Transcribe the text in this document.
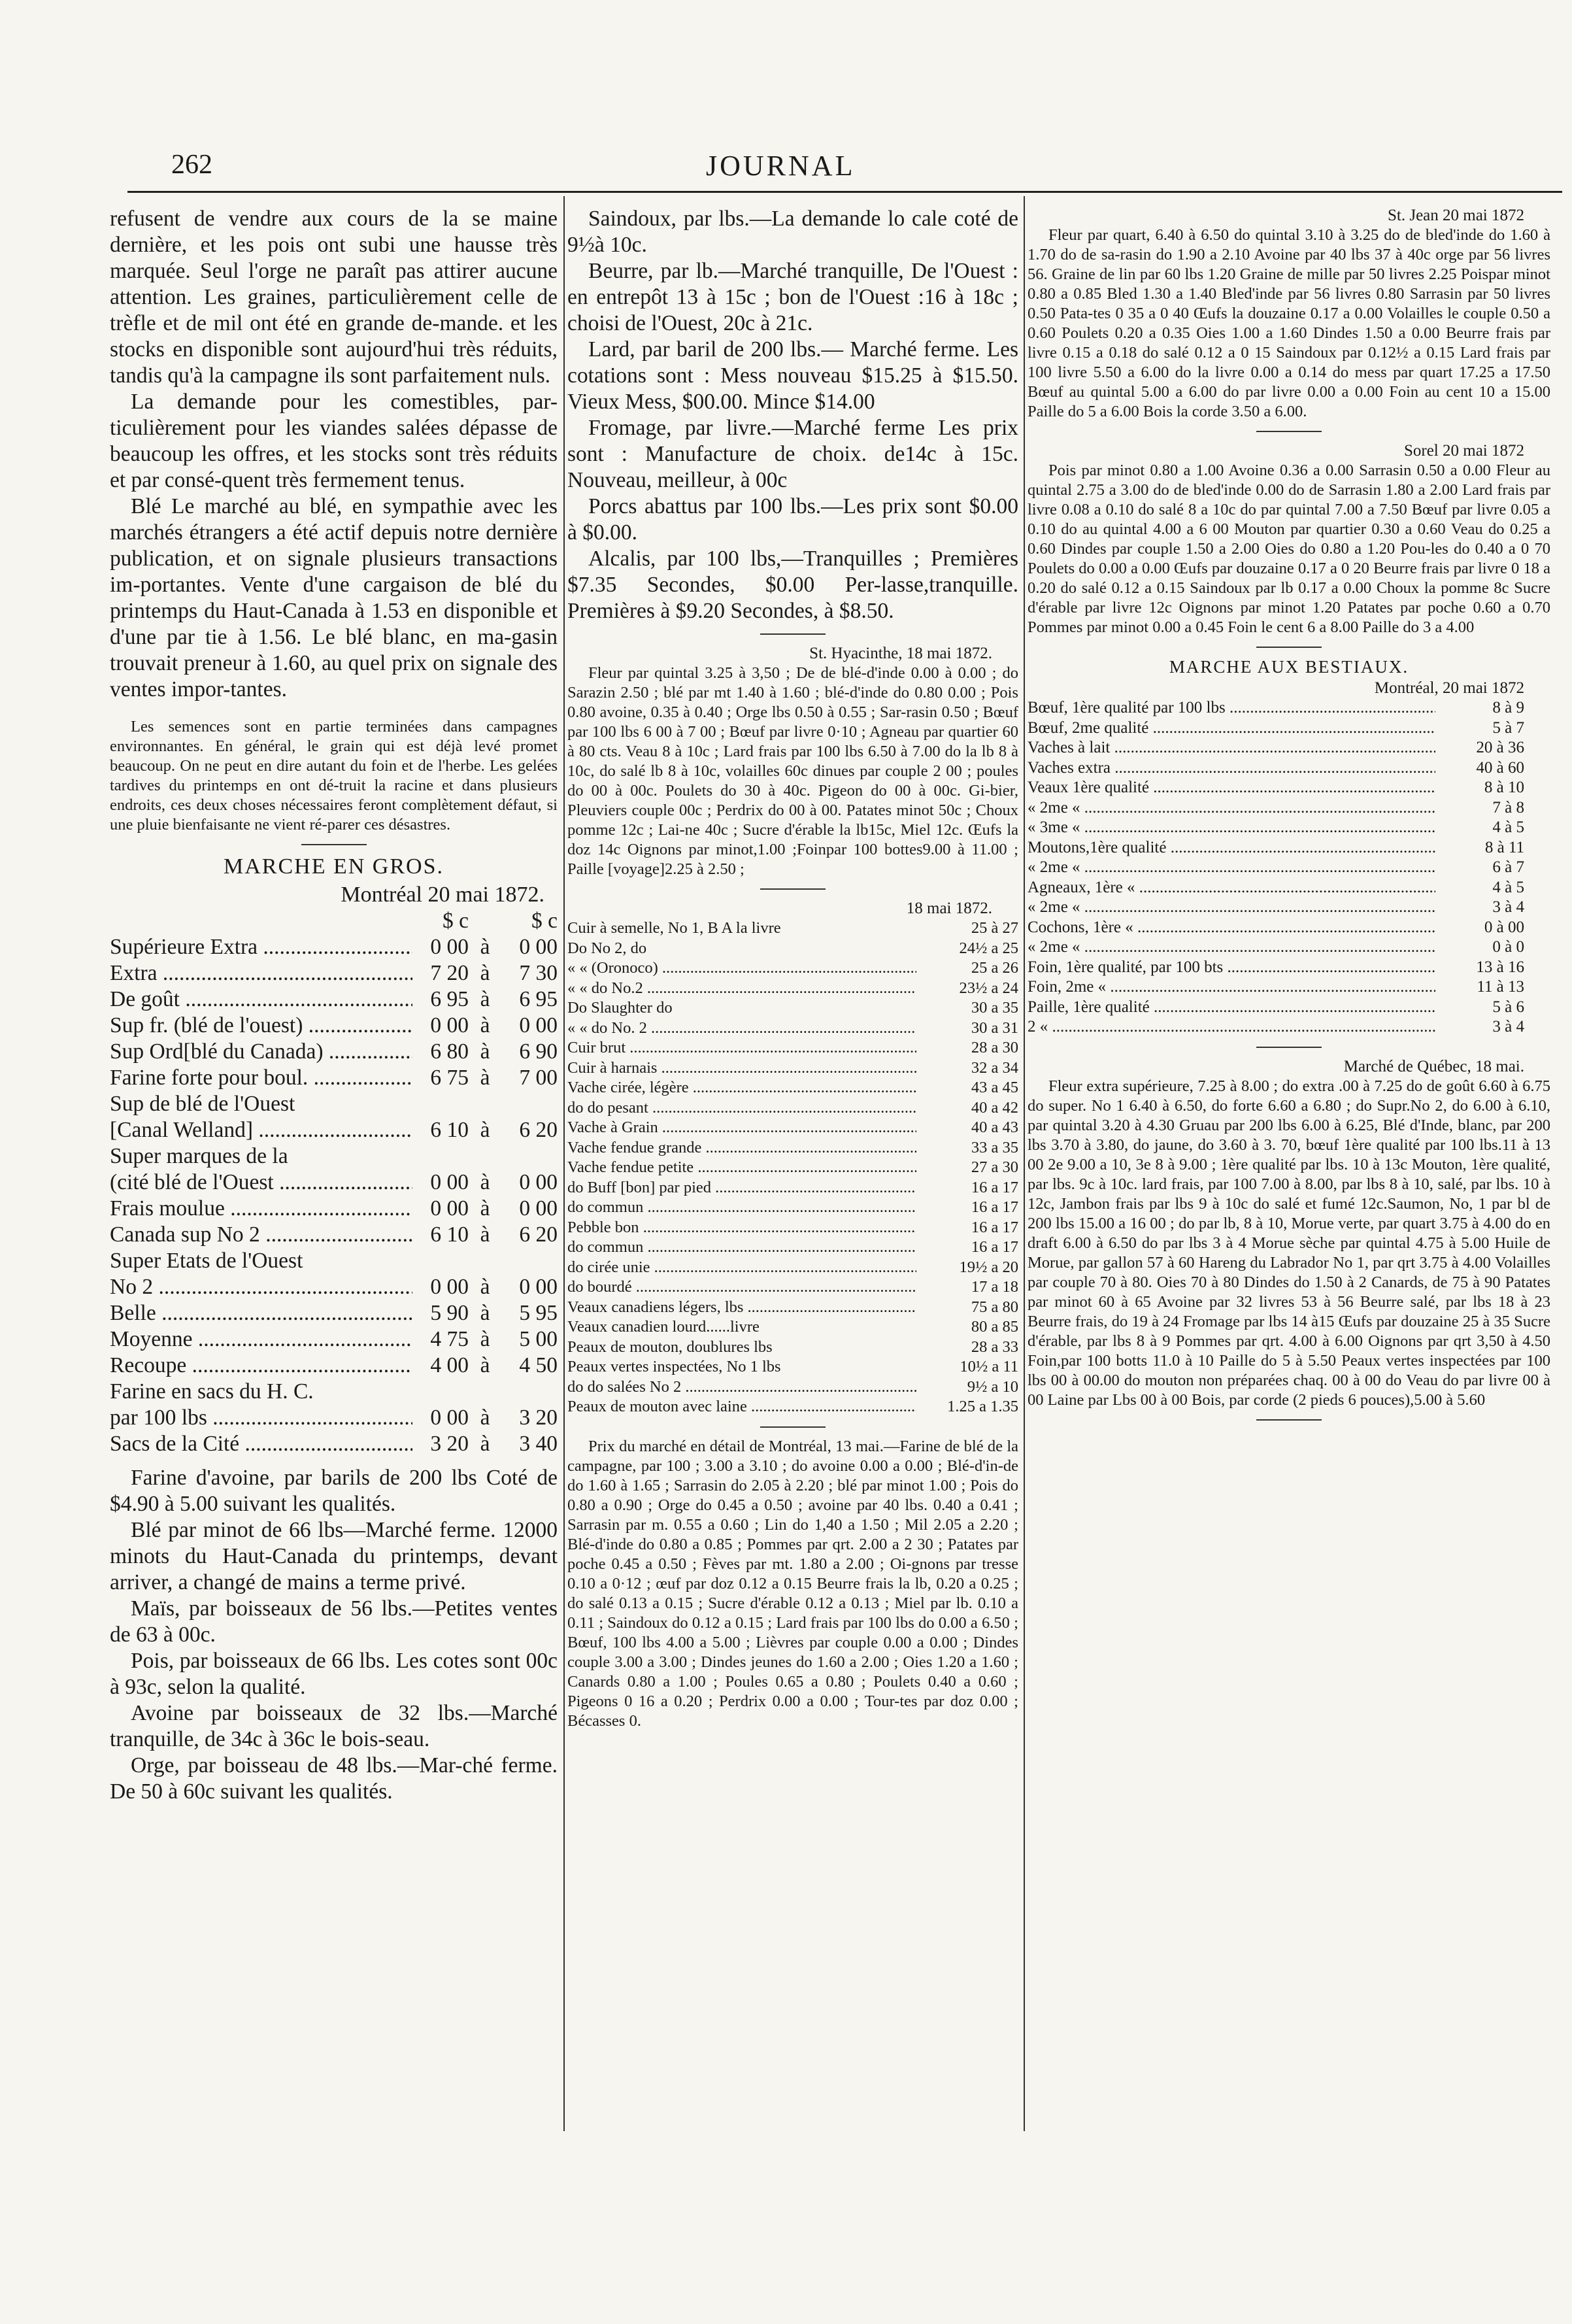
262	JOURNAL

refusent de vendre aux cours de la se maine dernière, et les pois ont subi une hausse très marquée. Seul l'orge ne paraît pas attirer aucune attention. Les graines, particulièrement celle de trèfle et de mil ont été en grande de-mande. et les stocks en disponible sont aujourd'hui très réduits, tandis qu'à la campagne ils sont parfaitement nuls.

La demande pour les comestibles, par-ticulièrement pour les viandes salées dépasse de beaucoup les offres, et les stocks sont très réduits et par consé-quent très fermement tenus.

Blé Le marché au blé, en sympathie avec les marchés étrangers a été actif depuis notre dernière publication, et on signale plusieurs transactions im-portantes. Vente d'une cargaison de blé du printemps du Haut-Canada à 1.53 en disponible et d'une par tie à 1.56. Le blé blanc, en ma-gasin trouvait preneur à 1.60, au quel prix on signale des ventes impor-tantes.

Les semences sont en partie terminées dans campagnes environnantes. En général, le grain qui est déjà levé promet beaucoup. On ne peut en dire autant du foin et de l'herbe. Les gelées tardives du printemps en ont dé-truit la racine et dans plusieurs endroits, ces deux choses nécessaires feront complètement défaut, si une pluie bienfaisante ne vient ré-parer ces désastres.

MARCHE EN GROS.
Montréal 20 mai 1872.
$ c	$ c
Supérieure Extra .....	0 00 à	0 00
Extra .....	7 20 à	7 30
De goût .....	6 95 à	6 95
Sup fr. (blé de l'ouest) .....	0 00 à	0 00
Sup Ord[blé du Canada) .....	6 80 à	6 90
Farine forte pour boul. .....	6 75 à	7 00
Sup de blé de l'Ouest
[Canal Welland] .....	6 10 à	6 20
Super marques de la
(cité blé de l'Ouest .....	0 00 à	0 00
Frais moulue .....	0 00 à	0 00
Canada sup No 2 .....	6 10 à	6 20
Super Etats de l'Ouest
No 2 .....	0 00 à	0 00
Belle .....	5 90 à	5 95
Moyenne .....	4 75 à	5 00
Recoupe .....	4 00 à	4 50
Farine en sacs du H. C.
par 100 lbs .....	0 00 à	3 20
Sacs de la Cité .....	3 20 à	3 40

Farine d'avoine, par barils de 200 lbs Coté de $4.90 à 5.00 suivant les qualités.

Blé par minot de 66 lbs—Marché ferme. 12000 minots du Haut-Canada du printemps, devant arriver, a changé de mains a terme privé.

Maïs, par boisseaux de 56 lbs.—Petites ventes de 63 à 00c.

Pois, par boisseaux de 66 lbs. Les cotes sont 00c à 93c, selon la qualité.

Avoine par boisseaux de 32 lbs.—Marché tranquille, de 34c à 36c le bois-seau.

Orge, par boisseau de 48 lbs.—Mar-ché ferme. De 50 à 60c suivant les qualités.

Saindoux, par lbs.—La demande lo cale coté de 9½à 10c.

Beurre, par lb.—Marché tranquille, De l'Ouest : en entrepôt 13 à 15c ; bon de l'Ouest :16 à 18c ; choisi de l'Ouest, 20c à 21c.

Lard, par baril de 200 lbs.— Marché ferme. Les cotations sont : Mess nouveau $15.25 à $15.50. Vieux Mess, $00.00. Mince $14.00

Fromage, par livre.—Marché ferme Les prix sont : Manufacture de choix. de14c à 15c. Nouveau, meilleur, à 00c

Porcs abattus par 100 lbs.—Les prix sont $0.00 à $0.00.

Alcalis, par 100 lbs,—Tranquilles ; Premières $7.35 Secondes, $0.00 Per-lasse,tranquille. Premières à $9.20 Secondes, à $8.50.

St. Hyacinthe, 18 mai 1872.

Fleur par quintal 3.25 à 3,50 ; De de blé-d'inde 0.00 à 0.00 ; do Sarazin 2.50 ; blé par mt 1.40 à 1.60 ; blé-d'inde do 0.80 0.00 ; Pois 0.80 avoine, 0.35 à 0.40 ; Orge lbs 0.50 à 0.55 ; Sar-rasin 0.50 ; Bœuf par 100 lbs 6 00 à 7 00 ; Bœuf par livre 0·10 ; Agneau par quartier 60 à 80 cts. Veau 8 à 10c ; Lard frais par 100 lbs 6.50 à 7.00 do la lb 8 à 10c, do salé lb 8 à 10c, volailles 60c dinues par couple 2 00 ; poules do 00 à 00c. Poulets do 30 à 40c. Pigeon do 00 à 00c. Gi-bier, Pleuviers couple 00c ; Perdrix do 00 à 00. Patates minot 50c ; Choux pomme 12c ; Lai-ne 40c ; Sucre d'érable la lb15c, Miel 12c. Œufs la doz 14c Oignons par minot,1.00 ;Foinpar 100 bottes9.00 à 11.00 ; Paille [voyage]2.25 à 2.50 ;

18 mai 1872.
Cuir à semelle, No 1, B A la livre	25 à 27
Do No 2, do	24½ a 25
« « (Oronoco) .....	25 a 26
« « do No.2 .....	23½ a 24
Do Slaughter do	30 a 35
« « do No. 2 .....	30 a 31
Cuir brut .....	28 a 30
Cuir à harnais .....	32 a 34
Vache cirée, légère .....	43 a 45
do do pesant .....	40 a 42
Vache à Grain .....	40 a 43
Vache fendue grande .....	33 a 35
Vache fendue petite .....	27 a 30
do Buff [bon] par pied .....	16 a 17
do commun .....	16 a 17
Pebble bon .....	16 a 17
do commun .....	16 a 17
do cirée unie .....	19½ a 20
do bourdé .....	17 a 18
Veaux canadiens légers, lbs .....	75 a 80
Veaux canadien lourd......livre	80 a 85
Peaux de mouton, doublures lbs	28 a 33
Peaux vertes inspectées, No 1 lbs	10½ a 11
do do salées No 2 .....	9½ a 10
Peaux de mouton avec laine .....	1.25 a 1.35

Prix du marché en détail de Montréal, 13 mai.—Farine de blé de la campagne, par 100 ; 3.00 a 3.10 ; do avoine 0.00 a 0.00 ; Blé-d'in-de do 1.60 à 1.65 ; Sarrasin do 2.05 à 2.20 ; blé par minot 1.00 ; Pois do 0.80 a 0.90 ; Orge do 0.45 a 0.50 ; avoine par 40 lbs. 0.40 a 0.41 ; Sarrasin par m. 0.55 a 0.60 ; Lin do 1,40 a 1.50 ; Mil 2.05 a 2.20 ; Blé-d'inde do 0.80 a 0.85 ; Pommes par qrt. 2.00 a 2 30 ; Patates par poche 0.45 a 0.50 ; Fèves par mt. 1.80 a 2.00 ; Oi-gnons par tresse 0.10 a 0·12 ; œuf par doz 0.12 a 0.15 Beurre frais la lb, 0.20 a 0.25 ; do salé 0.13 a 0.15 ; Sucre d'érable 0.12 a 0.13 ; Miel par lb. 0.10 a 0.11 ; Saindoux do 0.12 a 0.15 ; Lard frais par 100 lbs do 0.00 a 6.50 ; Bœuf, 100 lbs 4.00 a 5.00 ; Lièvres par couple 0.00 a 0.00 ; Dindes couple 3.00 a 3.00 ; Dindes jeunes do 1.60 a 2.00 ; Oies 1.20 a 1.60 ; Canards 0.80 a 1.00 ; Poules 0.65 a 0.80 ; Poulets 0.40 a 0.60 ; Pigeons 0 16 a 0.20 ; Perdrix 0.00 a 0.00 ; Tour-tes par doz 0.00 ; Bécasses 0.

St. Jean 20 mai 1872

Fleur par quart, 6.40 à 6.50 do quintal 3.10 à 3.25 do de bled'inde do 1.60 à 1.70 do de sa-rasin do 1.90 a 2.10 Avoine par 40 lbs 37 à 40c orge par 56 livres 56. Graine de lin par 60 lbs 1.20 Graine de mille par 50 livres 2.25 Poispar minot 0.80 a 0.85 Bled 1.30 a 1.40 Bled'inde par 56 livres 0.80 Sarrasin par 50 livres 0.50 Pata-tes 0 35 a 0 40 Œufs la douzaine 0.17 a 0.00 Volailles le couple 0.50 a 0.60 Poulets 0.20 a 0.35 Oies 1.00 a 1.60 Dindes 1.50 a 0.00 Beurre frais par livre 0.15 a 0.18 do salé 0.12 a 0 15 Saindoux par 0.12½ a 0.15 Lard frais par 100 livre 5.50 a 6.00 do la livre 0.00 a 0.14 do mess par quart 17.25 a 17.50 Bœuf au quintal 5.00 a 6.00 do par livre 0.00 a 0.00 Foin au cent 10 a 15.00 Paille do 5 a 6.00 Bois la corde 3.50 a 6.00.

Sorel 20 mai 1872

Pois par minot 0.80 a 1.00 Avoine 0.36 a 0.00 Sarrasin 0.50 a 0.00 Fleur au quintal 2.75 a 3.00 do de bled'inde 0.00 do de Sarrasin 1.80 a 2.00 Lard frais par livre 0.08 a 0.10 do salé 8 a 10c do par quintal 7.00 a 7.50 Bœuf par livre 0.05 a 0.10 do au quintal 4.00 a 6 00 Mouton par quartier 0.30 a 0.60 Veau do 0.25 a 0.60 Dindes par couple 1.50 a 2.00 Oies do 0.80 a 1.20 Pou-les do 0.40 a 0 70 Poulets do 0.00 a 0.00 Œufs par douzaine 0.17 a 0 20 Beurre frais par livre 0 18 a 0.20 do salé 0.12 a 0.15 Saindoux par lb 0.17 a 0.00 Choux la pomme 8c Sucre d'érable par livre 12c Oignons par minot 1.20 Patates par poche 0.60 a 0.70 Pommes par minot 0.00 a 0.45 Foin le cent 6 a 8.00 Paille do 3 a 4.00

MARCHE AUX BESTIAUX.
Montréal, 20 mai 1872
Bœuf, 1ère qualité par 100 lbs .....	8 à 9
Bœuf, 2me qualité .....	5 à 7
Vaches à lait .....	20 à 36
Vaches extra .....	40 à 60
Veaux 1ère qualité .....	8 à 10
« 2me « .....	7 à 8
« 3me « .....	4 à 5
Moutons,1ère qualité .....	8 à 11
« 2me « .....	6 à 7
Agneaux, 1ère « .....	4 à 5
« 2me « .....	3 à 4
Cochons, 1ère « .....	0 à 00
« 2me « .....	0 à 0
Foin, 1ère qualité, par 100 bts .....	13 à 16
Foin, 2me « .....	11 à 13
Paille, 1ère qualité .....	5 à 6
2 « .....	3 à 4
Marché de Québec, 18 mai.

Fleur extra supérieure, 7.25 à 8.00 ; do extra .00 à 7.25 do de goût 6.60 à 6.75 do super. No 1 6.40 à 6.50, do forte 6.60 a 6.80 ; do Supr.No 2, do 6.00 à 6.10, par quintal 3.20 à 4.30 Gruau par 200 lbs 6.00 à 6.25, Blé d'Inde, blanc, par 200 lbs 3.70 à 3.80, do jaune, do 3.60 à 3. 70, bœuf 1ère qualité par 100 lbs.11 à 13 00 2e 9.00 a 10, 3e 8 à 9.00 ; 1ère qualité par lbs. 10 à 13c Mouton, 1ère qualité, par lbs. 9c à 10c. lard frais, par 100 7.00 à 8.00, par lbs 8 à 10, salé, par lbs. 10 à 12c, Jambon frais par lbs 9 à 10c do salé et fumé 12c.Saumon, No, 1 par bl de 200 lbs 15.00 a 16 00 ; do par lb, 8 à 10, Morue verte, par quart 3.75 à 4.00 do en draft 6.00 à 6.50 do par lbs 3 à 4 Morue sèche par quintal 4.75 à 5.00 Huile de Morue, par gallon 57 à 60 Hareng du Labrador No 1, par qrt 3.75 à 4.00 Volailles par couple 70 à 80. Oies 70 à 80 Dindes do 1.50 à 2 Canards, de 75 à 90 Patates par minot 60 à 65 Avoine par 32 livres 53 à 56 Beurre salé, par lbs 18 à 23 Beurre frais, do 19 à 24 Fromage par lbs 14 à15 Œufs par douzaine 25 à 35 Sucre d'érable, par lbs 8 à 9 Pommes par qrt. 4.00 à 6.00 Oignons par qrt 3,50 à 4.50 Foin,par 100 botts 11.0 à 10 Paille do 5 à 5.50 Peaux vertes inspectées par 100 lbs 00 à 00.00 do mouton non préparées chaq. 00 à 00 do Veau do par livre 00 à 00 Laine par Lbs 00 à 00 Bois, par corde (2 pieds 6 pouces),5.00 à 5.60
